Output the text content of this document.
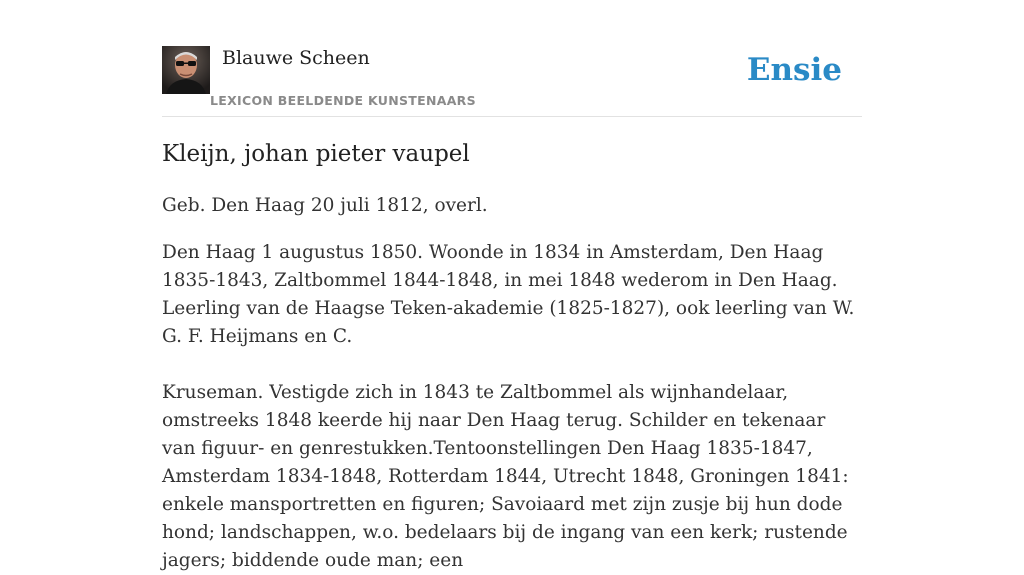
Blauwe Scheen
LEXICON BEELDENDE KUNSTENAARS
Ensie
Kleijn, johan pieter vaupel

Geb. Den Haag 20 juli 1812, overl.

Den Haag 1 augustus 1850. Woonde in 1834 in Amsterdam, Den Haag 1835-1843, Zaltbommel 1844-1848, in mei 1848 wederom in Den Haag. Leerling van de Haagse Teken-akademie (1825-1827), ook leerling van W. G. F. Heijmans en C.

Kruseman. Vestigde zich in 1843 te Zaltbommel als wijnhandelaar, omstreeks 1848 keerde hij naar Den Haag terug. Schilder en tekenaar van figuur- en genrestukken.Tentoonstellingen Den Haag 1835-1847, Amsterdam 1834-1848, Rotterdam 1844, Utrecht 1848, Groningen 1841: enkele mansportretten en figuren; Savoiaard met zijn zusje bij hun dode hond; landschappen, w.o. bedelaars bij de ingang van een kerk; rustende jagers; biddende oude man; een
